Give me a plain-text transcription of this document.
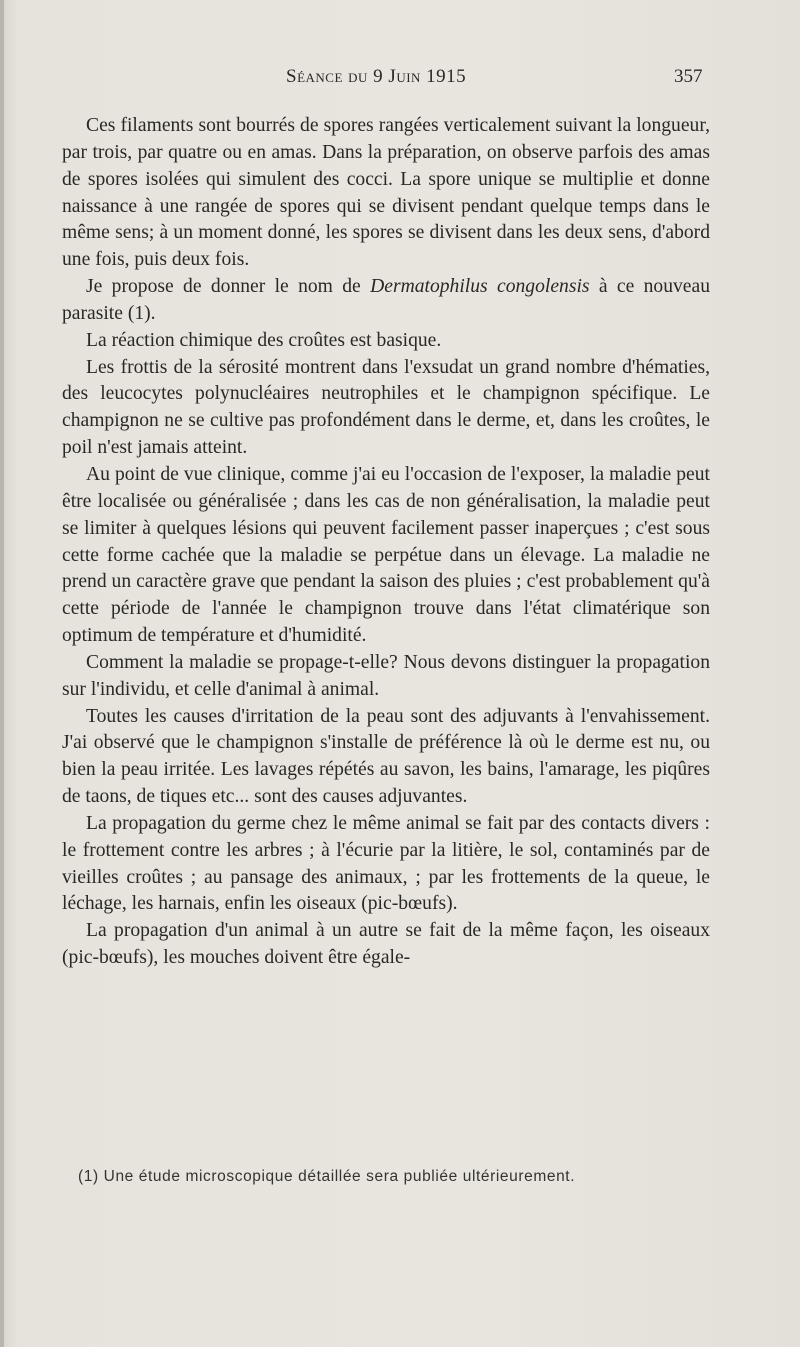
Séance du 9 Juin 1915	357

Ces filaments sont bourrés de spores rangées verticalement suivant la longueur, par trois, par quatre ou en amas. Dans la préparation, on observe parfois des amas de spores isolées qui simulent des cocci. La spore unique se multiplie et donne naissance à une rangée de spores qui se divisent pendant quelque temps dans le même sens; à un moment donné, les spores se divisent dans les deux sens, d'abord une fois, puis deux fois.

Je propose de donner le nom de Dermatophilus congolensis à ce nouveau parasite (1).

La réaction chimique des croûtes est basique.

Les frottis de la sérosité montrent dans l'exsudat un grand nombre d'hématies, des leucocytes polynucléaires neutrophiles et le champignon spécifique. Le champignon ne se cultive pas profondément dans le derme, et, dans les croûtes, le poil n'est jamais atteint.

Au point de vue clinique, comme j'ai eu l'occasion de l'exposer, la maladie peut être localisée ou généralisée ; dans les cas de non généralisation, la maladie peut se limiter à quelques lésions qui peuvent facilement passer inaperçues ; c'est sous cette forme cachée que la maladie se perpétue dans un élevage. La maladie ne prend un caractère grave que pendant la saison des pluies ; c'est probablement qu'à cette période de l'année le champignon trouve dans l'état climatérique son optimum de température et d'humidité.

Comment la maladie se propage-t-elle? Nous devons distinguer la propagation sur l'individu, et celle d'animal à animal.

Toutes les causes d'irritation de la peau sont des adjuvants à l'envahissement. J'ai observé que le champignon s'installe de préférence là où le derme est nu, ou bien la peau irritée. Les lavages répétés au savon, les bains, l'amarage, les piqûres de taons, de tiques etc... sont des causes adjuvantes.

La propagation du germe chez le même animal se fait par des contacts divers : le frottement contre les arbres ; à l'écurie par la litière, le sol, contaminés par de vieilles croûtes ; au pansage des animaux, ; par les frottements de la queue, le léchage, les harnais, enfin les oiseaux (pic-bœufs).

La propagation d'un animal à un autre se fait de la même façon, les oiseaux (pic-bœufs), les mouches doivent être égale-

(1) Une étude microscopique détaillée sera publiée ultérieurement.
